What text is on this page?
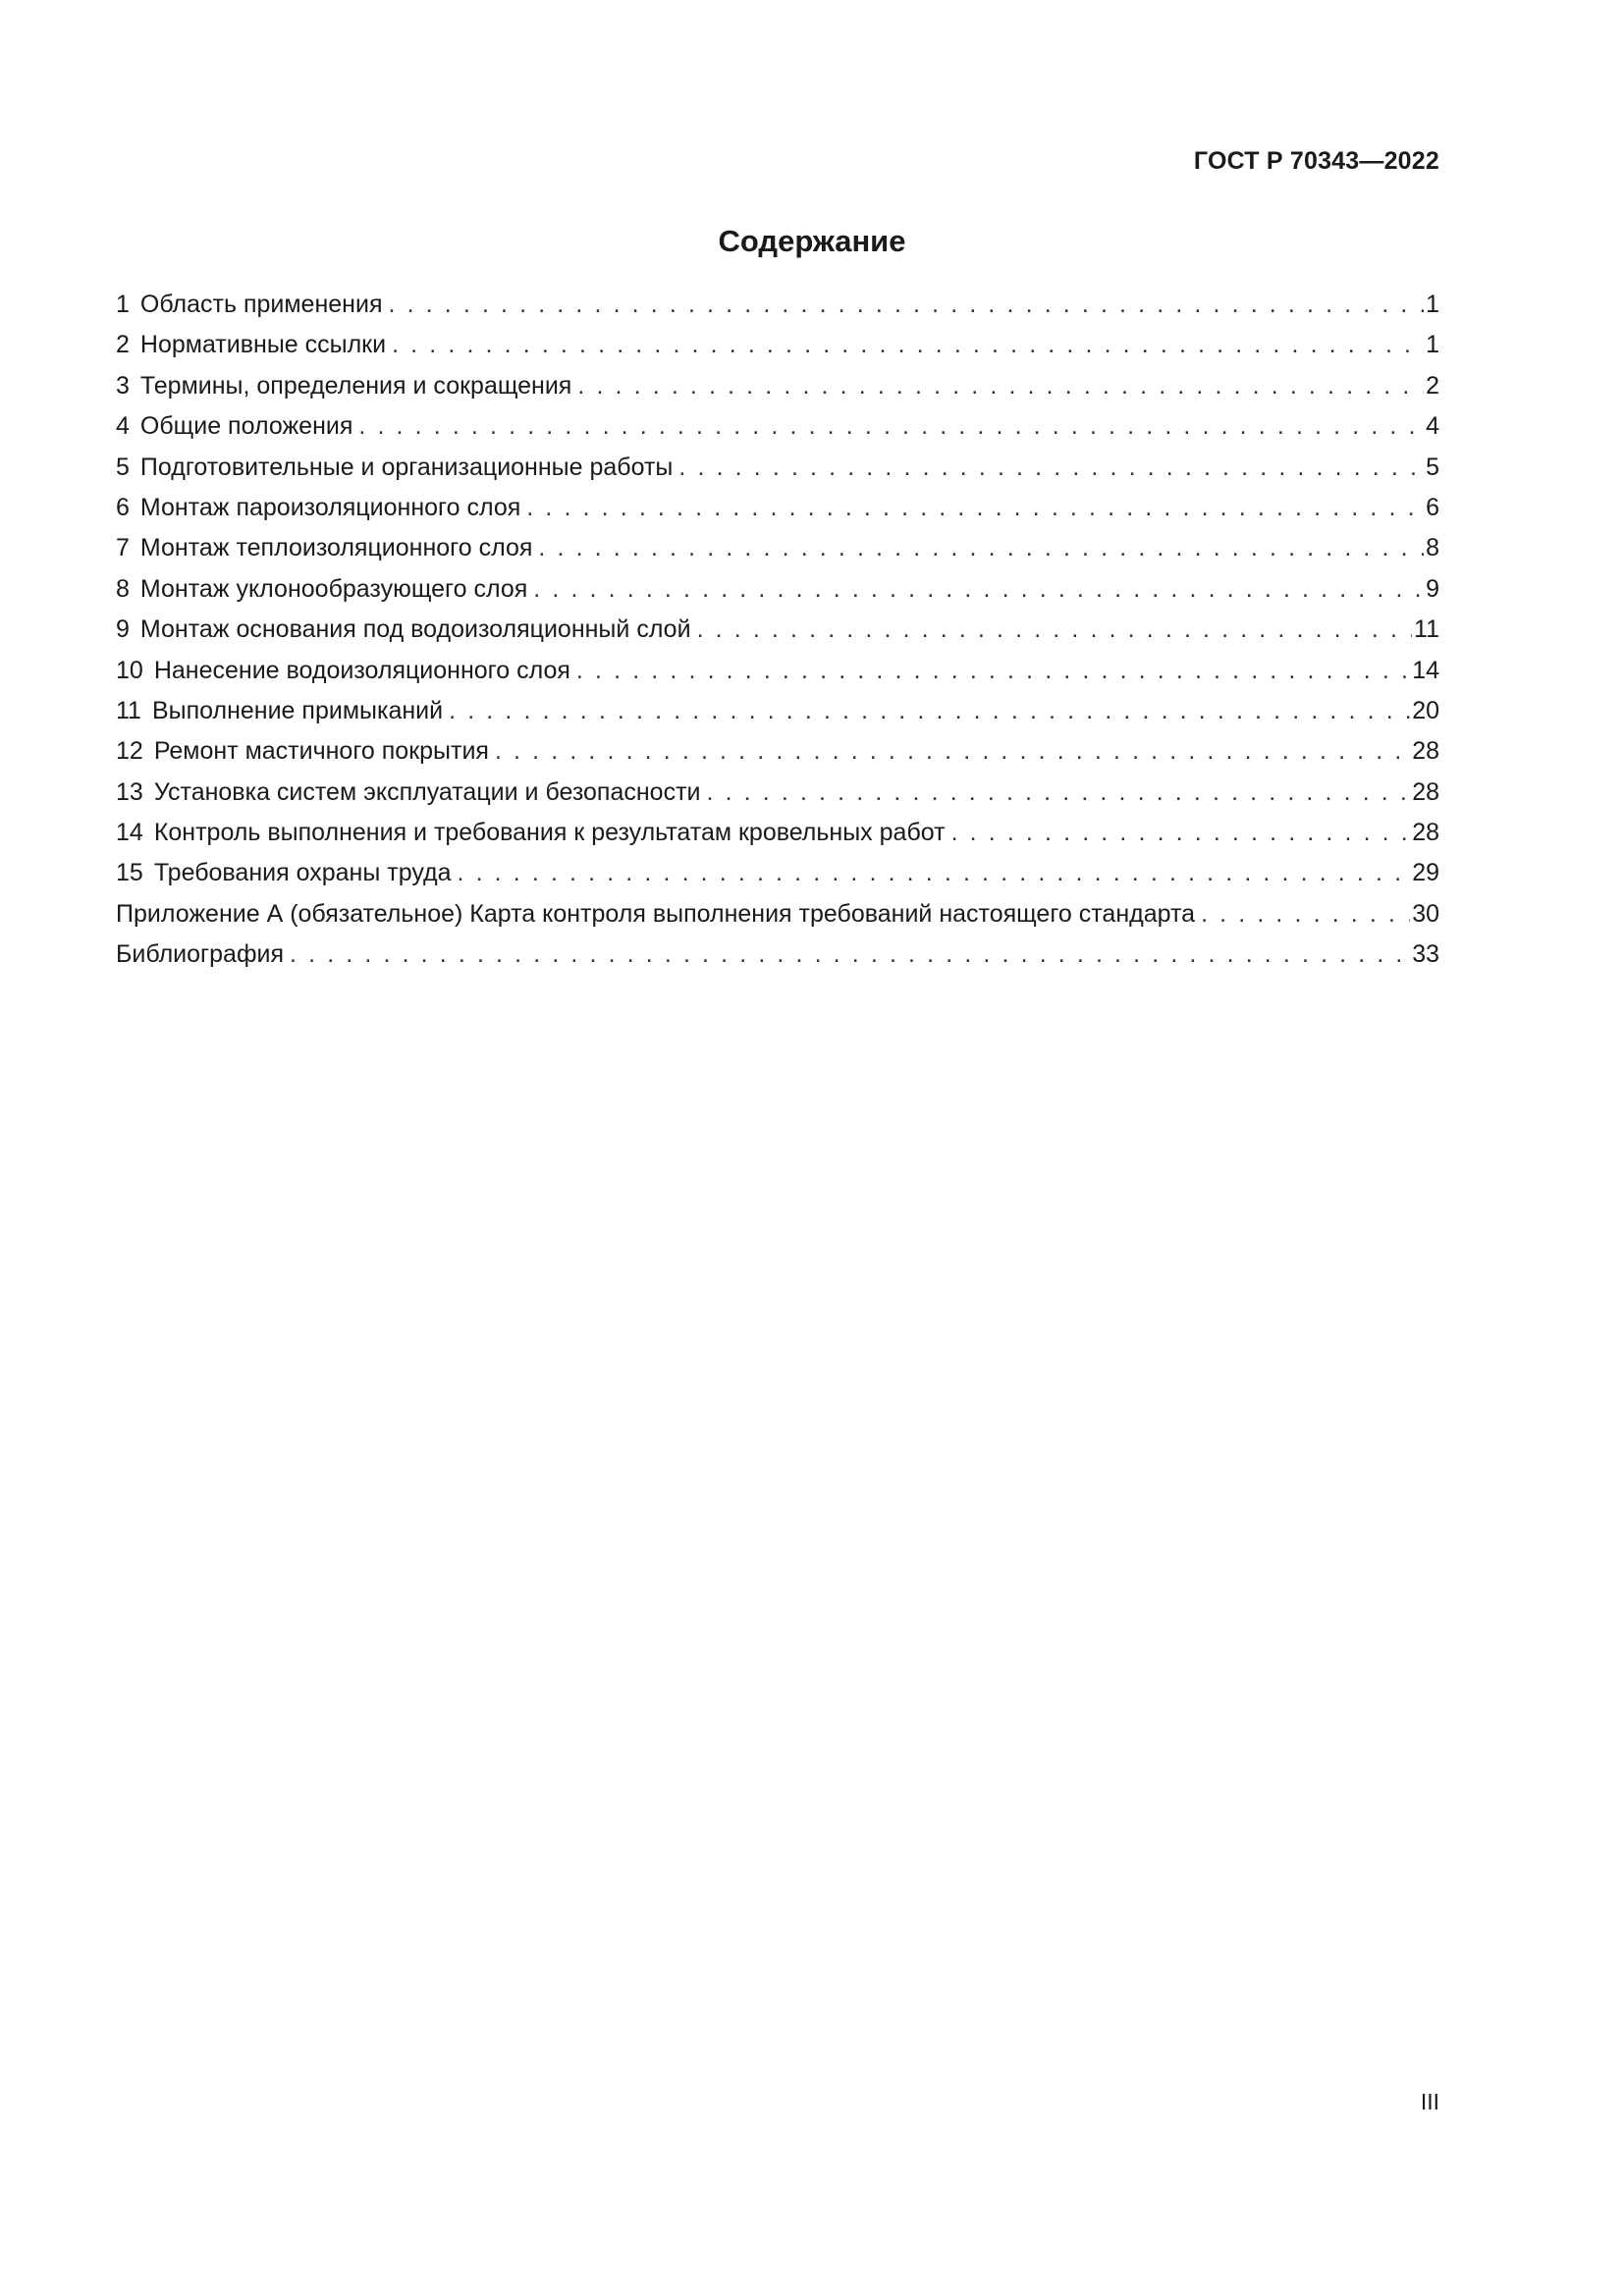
ГОСТ Р 70343—2022
Содержание
1 Область применения . . .	1
2 Нормативные ссылки . . .	1
3 Термины, определения и сокращения . . .	2
4 Общие положения . . .	4
5 Подготовительные и организационные работы . . .	5
6 Монтаж пароизоляционного слоя . . .	6
7 Монтаж теплоизоляционного слоя . . .	8
8 Монтаж уклонообразующего слоя . . .	9
9 Монтаж основания под водоизоляционный слой . . .	11
10 Нанесение водоизоляционного слоя . . .	14
11 Выполнение примыканий . . .	20
12 Ремонт мастичного покрытия . . .	28
13 Установка систем эксплуатации и безопасности . . .	28
14 Контроль выполнения и требования к результатам кровельных работ . . .	28
15 Требования охраны труда . . .	29
Приложение А (обязательное) Карта контроля выполнения требований настоящего стандарта . . .	30
Библиография . . .	33
III
